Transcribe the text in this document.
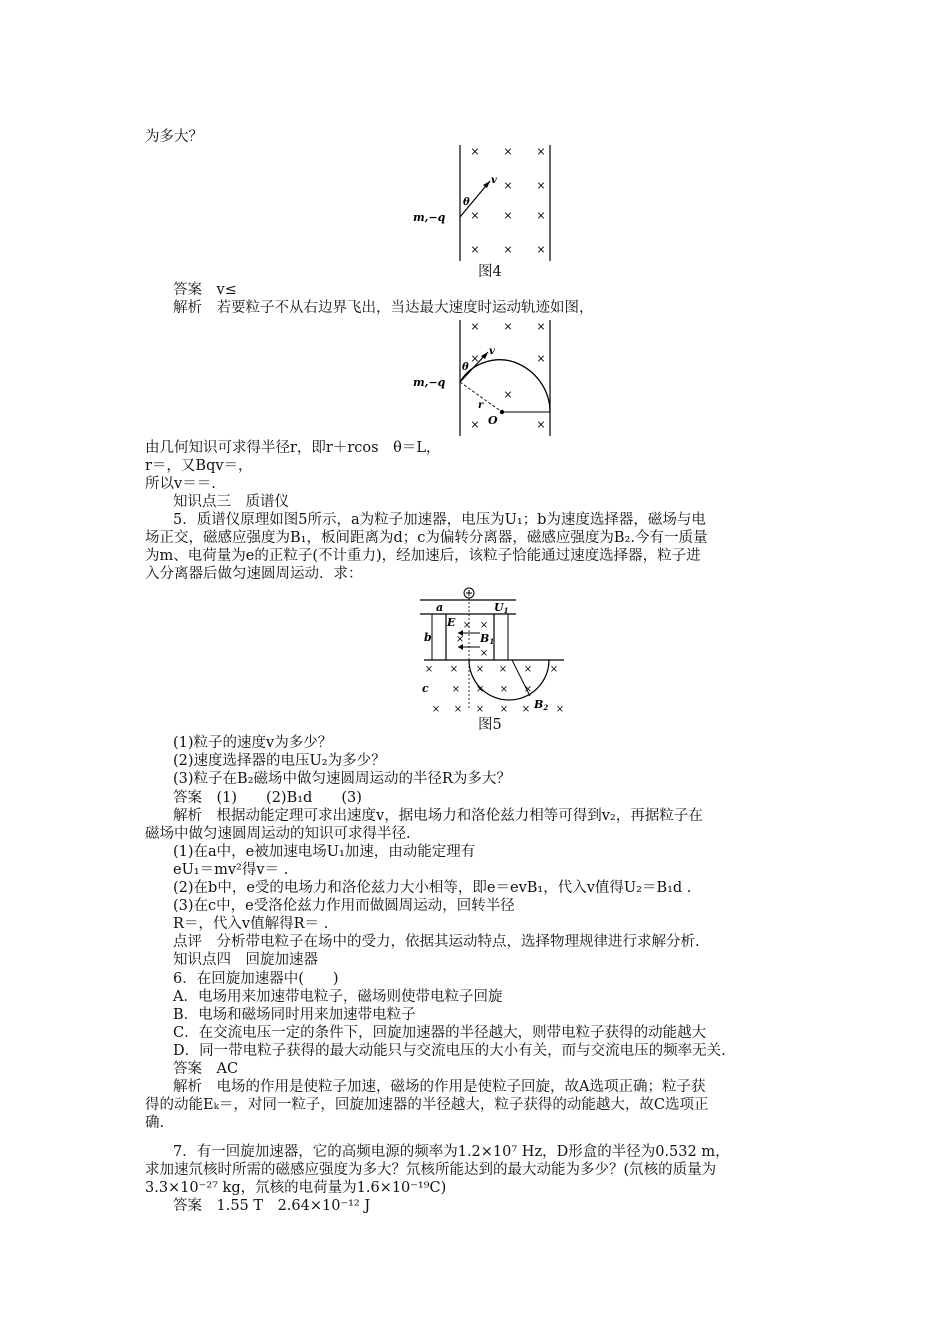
为多大？
× × ×
× ×
× × ×
× × ×
m,−q
θ
v
图4
答案　v≤
解析　若要粒子不从右边界飞出，当达最大速度时运动轨迹如图，
× × ×
×	×
×
×	×
m,−q
θ
v
r
O
由几何知识可求得半径r，即r＋rcos　θ＝L，
r＝，又Bqv＝，
所以v＝＝.
知识点三　质谱仪
5．质谱仪原理如图5所示，a为粒子加速器，电压为U₁；b为速度选择器，磁场与电
场正交，磁感应强度为B₁，板间距离为d；c为偏转分离器，磁感应强度为B₂.今有一质量
为m、电荷量为e的正粒子(不计重力)，经加速后，该粒子恰能通过速度选择器，粒子进
入分离器后做匀速圆周运动．求：
× ×
×
×
× × × × × ×
× × × ×
× × × × ×	×
a	U1
b
E
B1
c
B2
图5
(1)粒子的速度v为多少？
(2)速度选择器的电压U₂为多少？
(3)粒子在B₂磁场中做匀速圆周运动的半径R为多大？
答案　(1)　　(2)B₁d　　(3)
解析　根据动能定理可求出速度v，据电场力和洛伦兹力相等可得到v₂，再据粒子在
磁场中做匀速圆周运动的知识可求得半径.
(1)在a中，e被加速电场U₁加速，由动能定理有
eU₁＝mv²得v＝ .
(2)在b中，e受的电场力和洛伦兹力大小相等，即e＝evB₁，代入v值得U₂＝B₁d .
(3)在c中，e受洛伦兹力作用而做圆周运动，回转半径
R＝，代入v值解得R＝ .
点评　分析带电粒子在场中的受力，依据其运动特点，选择物理规律进行求解分析.
知识点四　回旋加速器
6．在回旋加速器中(　　)
A．电场用来加速带电粒子，磁场则使带电粒子回旋
B．电场和磁场同时用来加速带电粒子
C．在交流电压一定的条件下，回旋加速器的半径越大，则带电粒子获得的动能越大
D．同一带电粒子获得的最大动能只与交流电压的大小有关，而与交流电压的频率无关.
答案　AC
解析　电场的作用是使粒子加速，磁场的作用是使粒子回旋，故A选项正确；粒子获
得的动能Eₖ＝，对同一粒子，回旋加速器的半径越大，粒子获得的动能越大，故C选项正
确.
7．有一回旋加速器，它的高频电源的频率为1.2×10⁷ Hz，D形盒的半径为0.532 m，
求加速氘核时所需的磁感应强度为多大？氘核所能达到的最大动能为多少？(氘核的质量为
3.3×10⁻²⁷ kg，氘核的电荷量为1.6×10⁻¹⁹C)
答案　1.55 T　2.64×10⁻¹² J
